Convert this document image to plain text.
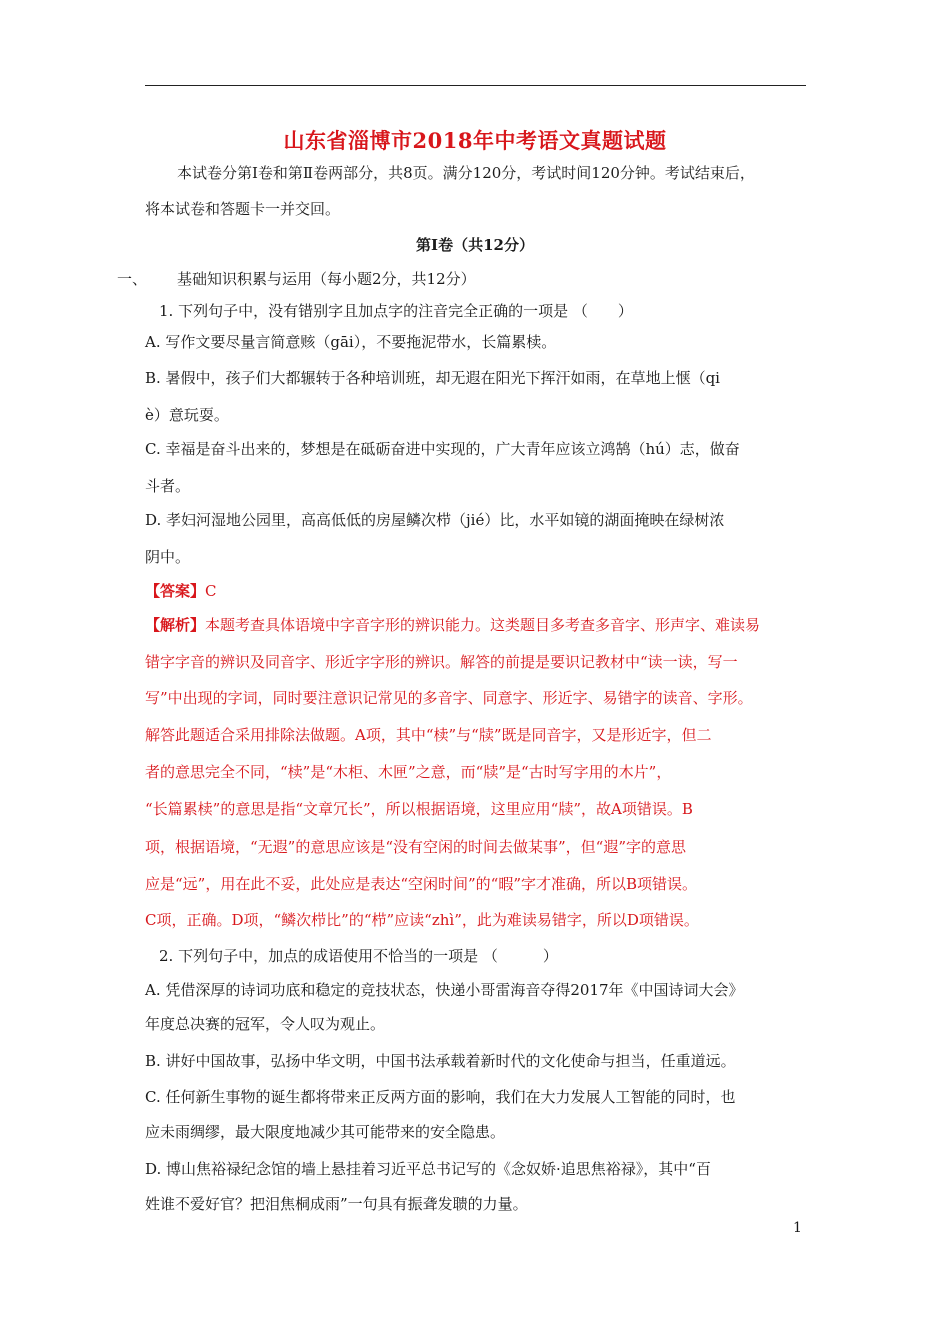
山东省淄博市2018年中考语文真题试题
本试卷分第Ⅰ卷和第Ⅱ卷两部分，共8页。满分120分，考试时间120分钟。考试结束后，
将本试卷和答题卡一并交回。
第Ⅰ卷（共12分）
一、 基础知识积累与运用（每小题2分，共12分）
1. 下列句子中，没有错别字且加点字的注音完全正确的一项是 （　　）
A. 写作文要尽量言简意赅（gāi），不要拖泥带水，长篇累椟。
B. 暑假中，孩子们大都辗转于各种培训班，却无遐在阳光下挥汗如雨，在草地上惬（qi
è）意玩耍。
C. 幸福是奋斗出来的，梦想是在砥砺奋进中实现的，广大青年应该立鸿鹄（hú）志，做奋
斗者。
D. 孝妇河湿地公园里，高高低低的房屋鳞次栉（jié）比，水平如镜的湖面掩映在绿树浓
阴中。
【答案】C
【解析】本题考查具体语境中字音字形的辨识能力。这类题目多考查多音字、形声字、难读易
错字字音的辨识及同音字、形近字字形的辨识。解答的前提是要识记教材中“读一读，写一
写”中出现的字词，同时要注意识记常见的多音字、同意字、形近字、易错字的读音、字形。
解答此题适合采用排除法做题。A项，其中“椟”与“牍”既是同音字，又是形近字，但二
者的意思完全不同，“椟”是“木柜、木匣”之意，而“牍”是“古时写字用的木片”，
“长篇累椟”的意思是指“文章冗长”，所以根据语境，这里应用“牍”，故A项错误。B
项，根据语境，“无遐”的意思应该是“没有空闲的时间去做某事”，但“遐”字的意思
应是“远”，用在此不妥，此处应是表达“空闲时间”的“暇”字才准确，所以B项错误。
C项，正确。D项，“鳞次栉比”的“栉”应读“zhì”，此为难读易错字，所以D项错误。
2. 下列句子中，加点的成语使用不恰当的一项是 （　　　）
A. 凭借深厚的诗词功底和稳定的竞技状态，快递小哥雷海音夺得2017年《中国诗词大会》
年度总决赛的冠军，令人叹为观止。
B. 讲好中国故事，弘扬中华文明，中国书法承载着新时代的文化使命与担当，任重道远。
C. 任何新生事物的诞生都将带来正反两方面的影响，我们在大力发展人工智能的同时，也
应未雨绸缪，最大限度地减少其可能带来的安全隐患。
D. 博山焦裕禄纪念馆的墙上悬挂着习近平总书记写的《念奴娇·追思焦裕禄》，其中“百
姓谁不爱好官？把泪焦桐成雨”一句具有振聋发聩的力量。
1
